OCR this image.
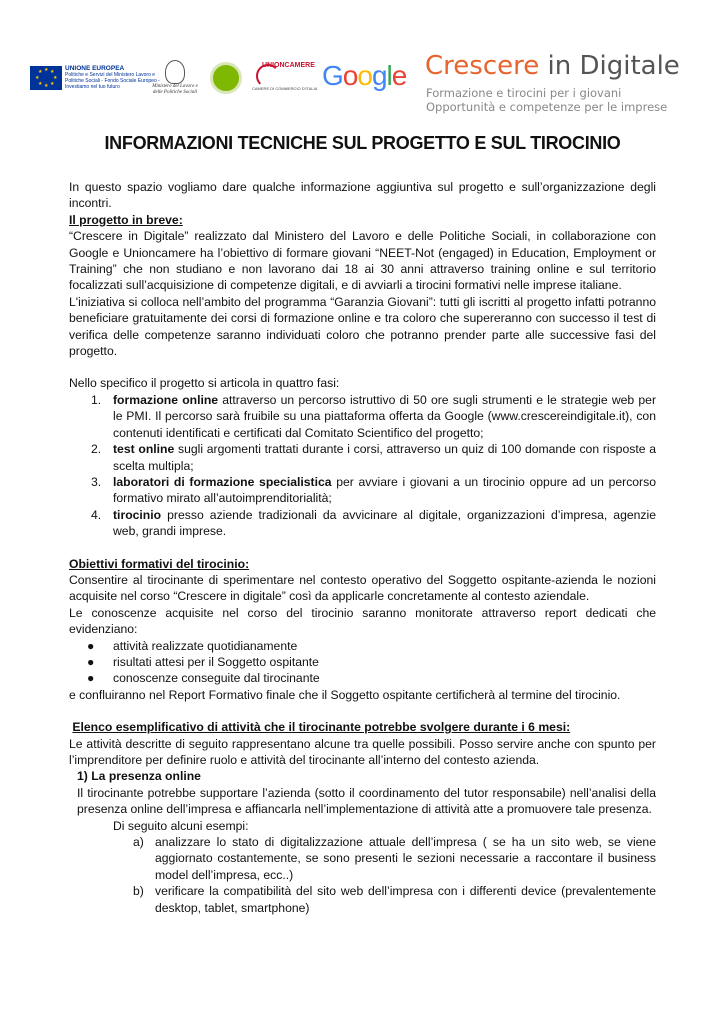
★ ★
★
★
★
★
★
★	UNIONE EUROPEA
Politiche e Servizi del Ministero Lavoro e Politiche Sociali - Fondo Sociale Europeo - Investiamo nel tuo futuro	Ministero del Lavoro e delle Politiche Sociali
UNIONCAMERE
CAMERE DI COMMERCIO D'ITALIA Google Crescere in Digitale
Formazione e tirocini per i giovani
Opportunità e competenze per le imprese
INFORMAZIONI TECNICHE SUL PROGETTO E SUL TIROCINIO

In questo spazio vogliamo dare qualche informazione aggiuntiva sul progetto e sull’organizzazione degli incontri.

Il progetto in breve:

“Crescere in Digitale” realizzato dal Ministero del Lavoro e delle Politiche Sociali, in collaborazione con Google e Unioncamere ha l’obiettivo di formare giovani “NEET-Not (engaged) in Education, Employment or Training” che non studiano e non lavorano dai 18 ai 30 anni attraverso training online e sul territorio focalizzati sull’acquisizione di competenze digitali, e di avviarli a tirocini formativi nelle imprese italiane.

L'iniziativa si colloca nell’ambito del programma “Garanzia Giovani”: tutti gli iscritti al progetto infatti potranno beneficiare gratuitamente dei corsi di formazione online e tra coloro che supereranno con successo il test di verifica delle competenze saranno individuati coloro che potranno prender parte alle successive fasi del progetto.

Nello specifico il progetto si articola in quattro fasi:

1. formazione online attraverso un percorso istruttivo di 50 ore sugli strumenti e le strategie web per le PMI. Il percorso sarà fruibile su una piattaforma offerta da Google (www.crescereindigitale.it), con contenuti identificati e certificati dal Comitato Scientifico del progetto;
2. test online sugli argomenti trattati durante i corsi, attraverso un quiz di 100 domande con risposte a scelta multipla;
3. laboratori di formazione specialistica per avviare i giovani a un tirocinio oppure ad un percorso formativo mirato all’autoimprenditorialità;
4. tirocinio presso aziende tradizionali da avvicinare al digitale, organizzazioni d’impresa, agenzie web, grandi imprese.

Obiettivi formativi del tirocinio:

Consentire al tirocinante di sperimentare nel contesto operativo del Soggetto ospitante-azienda le nozioni acquisite nel corso “Crescere in digitale” così da applicarle concretamente al contesto aziendale.

Le conoscenze acquisite nel corso del tirocinio saranno monitorate attraverso report dedicati che evidenziano:

● attività realizzate quotidianamente
● risultati attesi per il Soggetto ospitante
● conoscenze conseguite dal tirocinante

e confluiranno nel Report Formativo finale che il Soggetto ospitante certificherà al termine del tirocinio.

Elenco esemplificativo di attività che il tirocinante potrebbe svolgere durante i 6 mesi:

Le attività descritte di seguito rappresentano alcune tra quelle possibili. Posso servire anche con spunto per l’imprenditore per definire ruolo e attività del tirocinante all’interno del contesto azienda.

1) La presenza online

Il tirocinante potrebbe supportare l’azienda (sotto il coordinamento del tutor responsabile) nell’analisi della presenza online dell’impresa e affiancarla nell’implementazione di attività atte a promuovere tale presenza.

Di seguito alcuni esempi:

a) analizzare lo stato di digitalizzazione attuale dell’impresa ( se ha un sito web, se viene aggiornato costantemente, se sono presenti le sezioni necessarie a raccontare il business model dell’impresa, ecc..)
b) verificare la compatibilità del sito web dell’impresa con i differenti device (prevalentemente desktop, tablet, smartphone)
